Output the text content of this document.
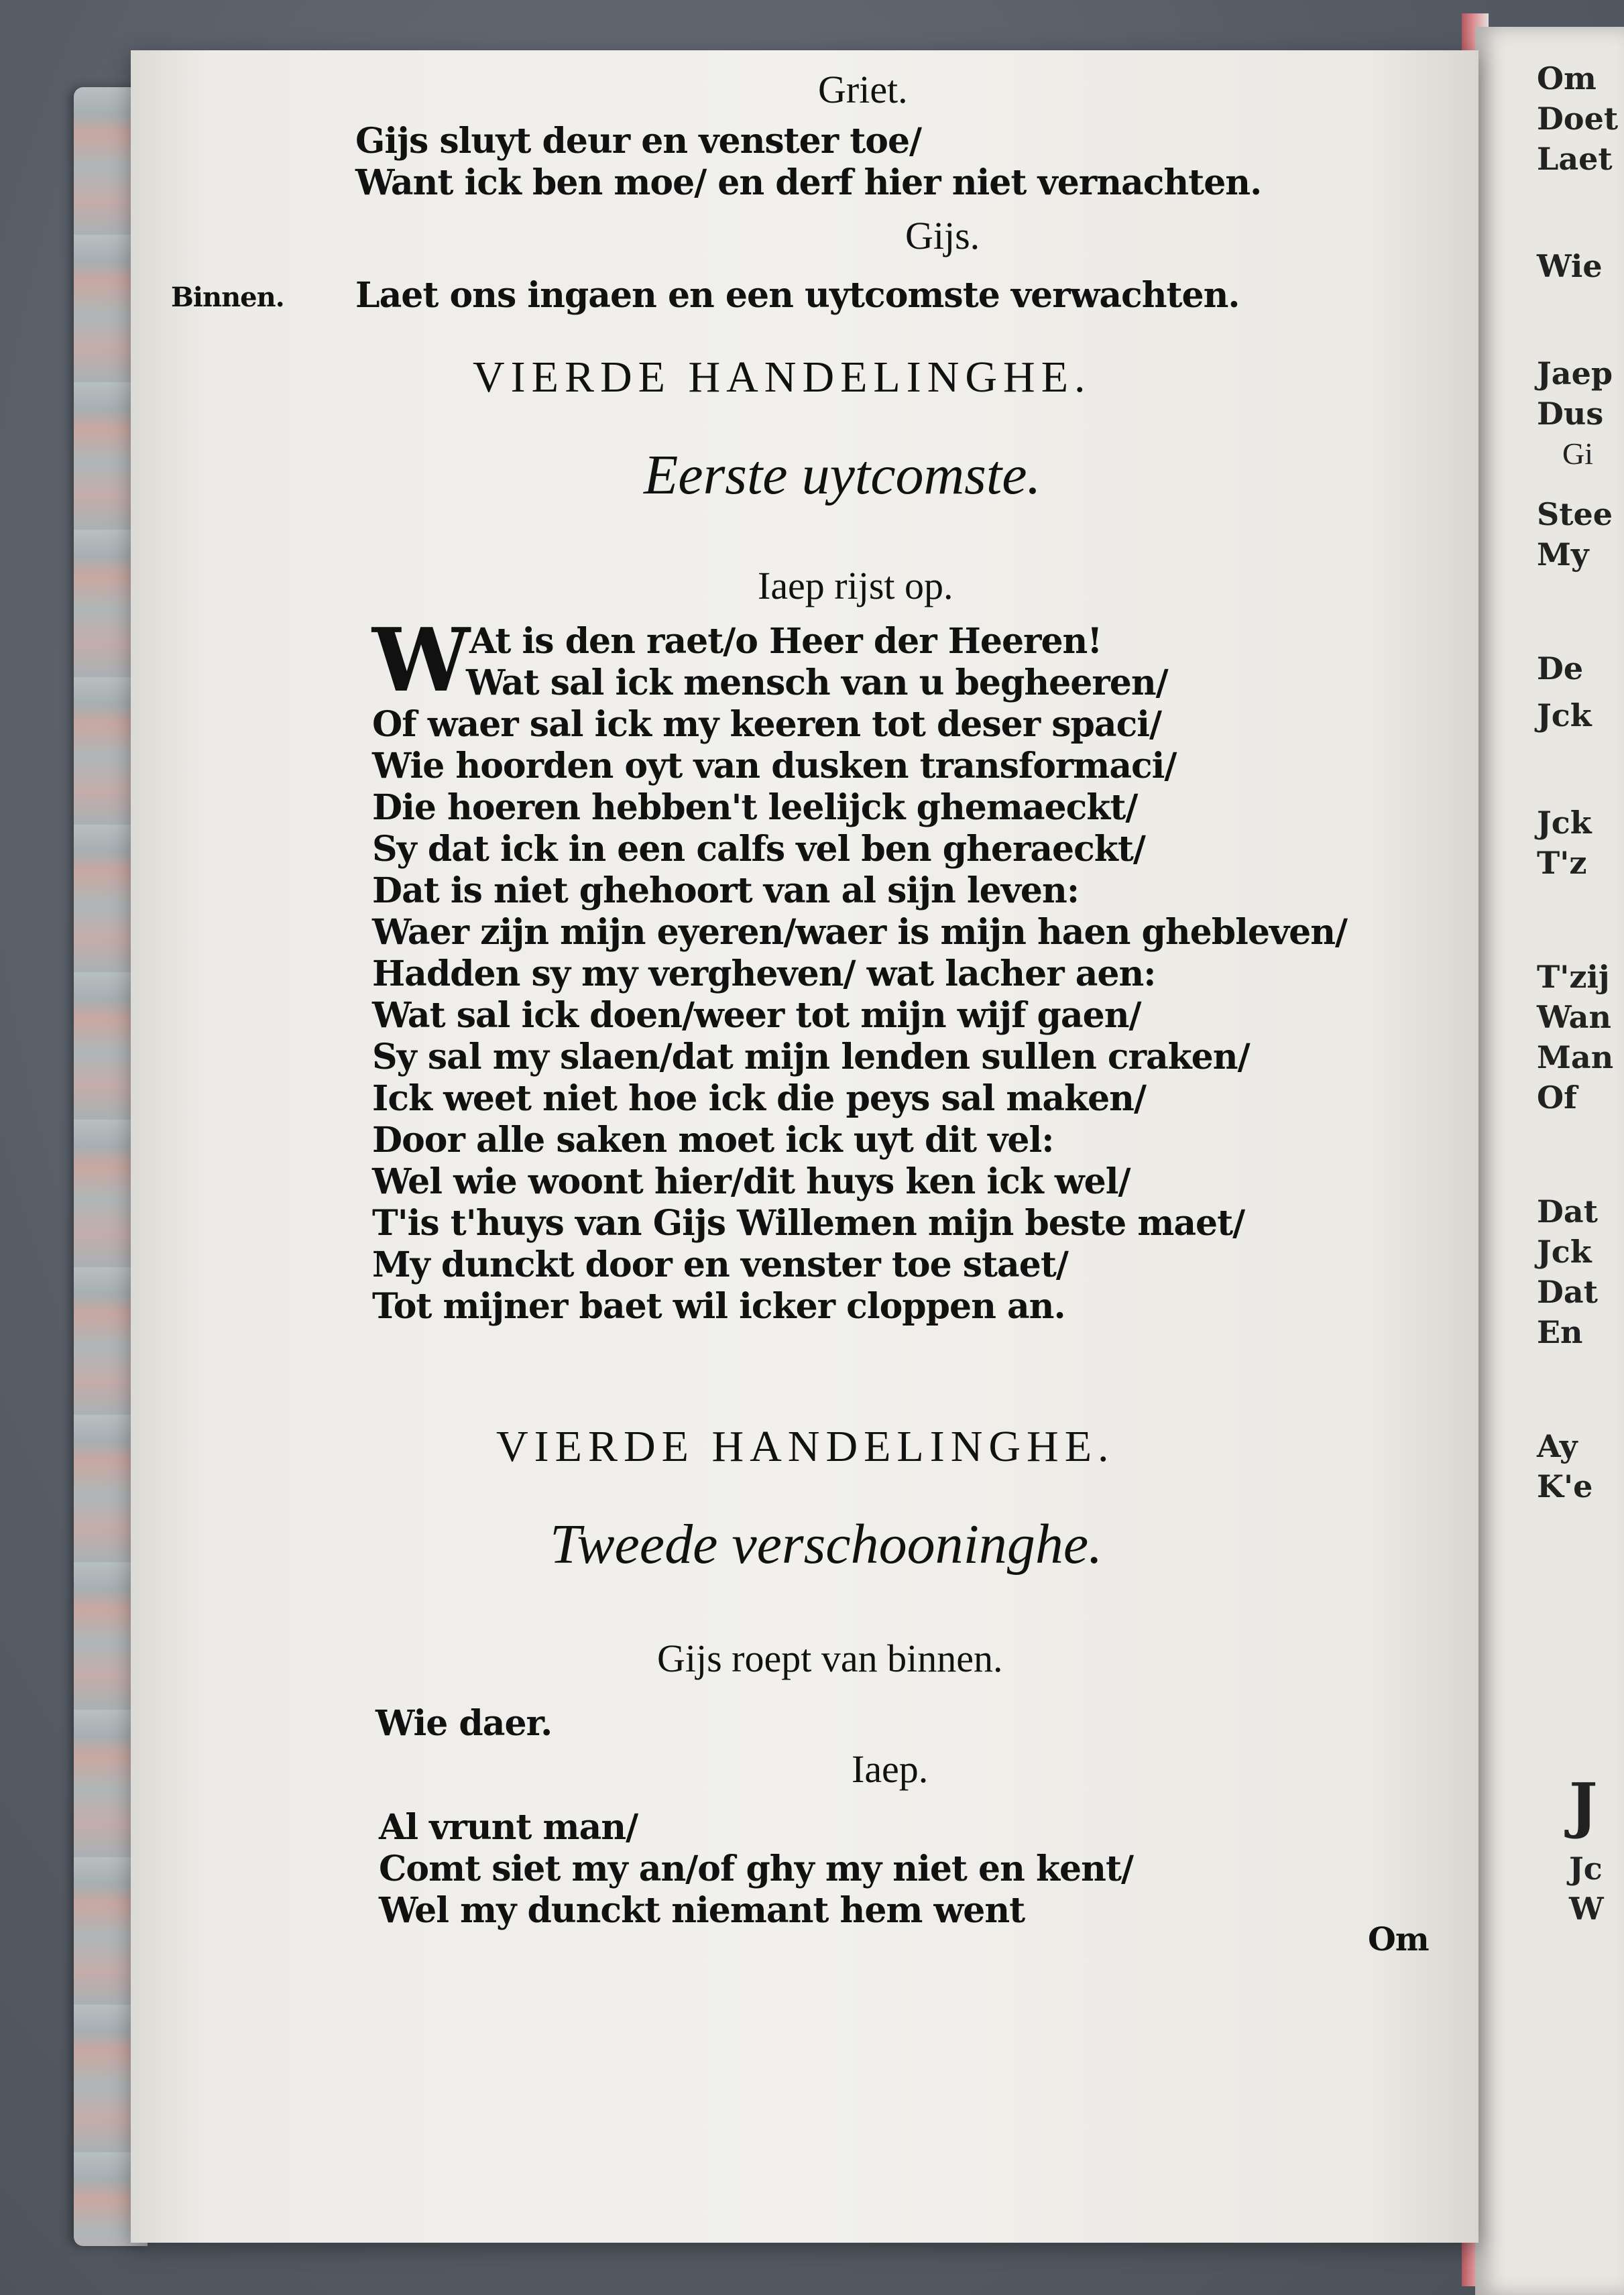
Om
Doet
Laet
Wie
Jaep
Dus
Gi
Stee
My
De
Jck
Jck
T'z
T'zij
Wan
Man
Of
Dat
Jck
Dat
En
Ay
K'e
J
Jc
W
Griet.
Gijs sluyt deur en venster toe/
Want ick ben moe/ en derf hier niet vernachten.
Gijs.
Binnen. Laet ons ingaen en een uytcomste verwachten.
VIERDE HANDELINGHE.
Eerste uytcomste.
Iaep rijst op.
W At is den raet/o Heer der Heeren!
Wat sal ick mensch van u begheeren/
Of waer sal ick my keeren tot deser spaci/
Wie hoorden oyt van dusken transformaci/
Die hoeren hebben't leelijck ghemaeckt/
Sy dat ick in een calfs vel ben gheraeckt/
Dat is niet ghehoort van al sijn leven:
Waer zijn mijn eyeren/waer is mijn haen ghebleven/
Hadden sy my vergheven/ wat lacher aen:
Wat sal ick doen/weer tot mijn wijf gaen/
Sy sal my slaen/dat mijn lenden sullen craken/
Ick weet niet hoe ick die peys sal maken/
Door alle saken moet ick uyt dit vel:
Wel wie woont hier/dit huys ken ick wel/
T'is t'huys van Gijs Willemen mijn beste maet/
My dunckt door en venster toe staet/
Tot mijner baet wil icker cloppen an.
VIERDE HANDELINGHE.
Tweede verschooninghe.
Gijs roept van binnen.
Wie daer.
Iaep.
Al vrunt man/
Comt siet my an/of ghy my niet en kent/
Wel my dunckt niemant hem went
Om
